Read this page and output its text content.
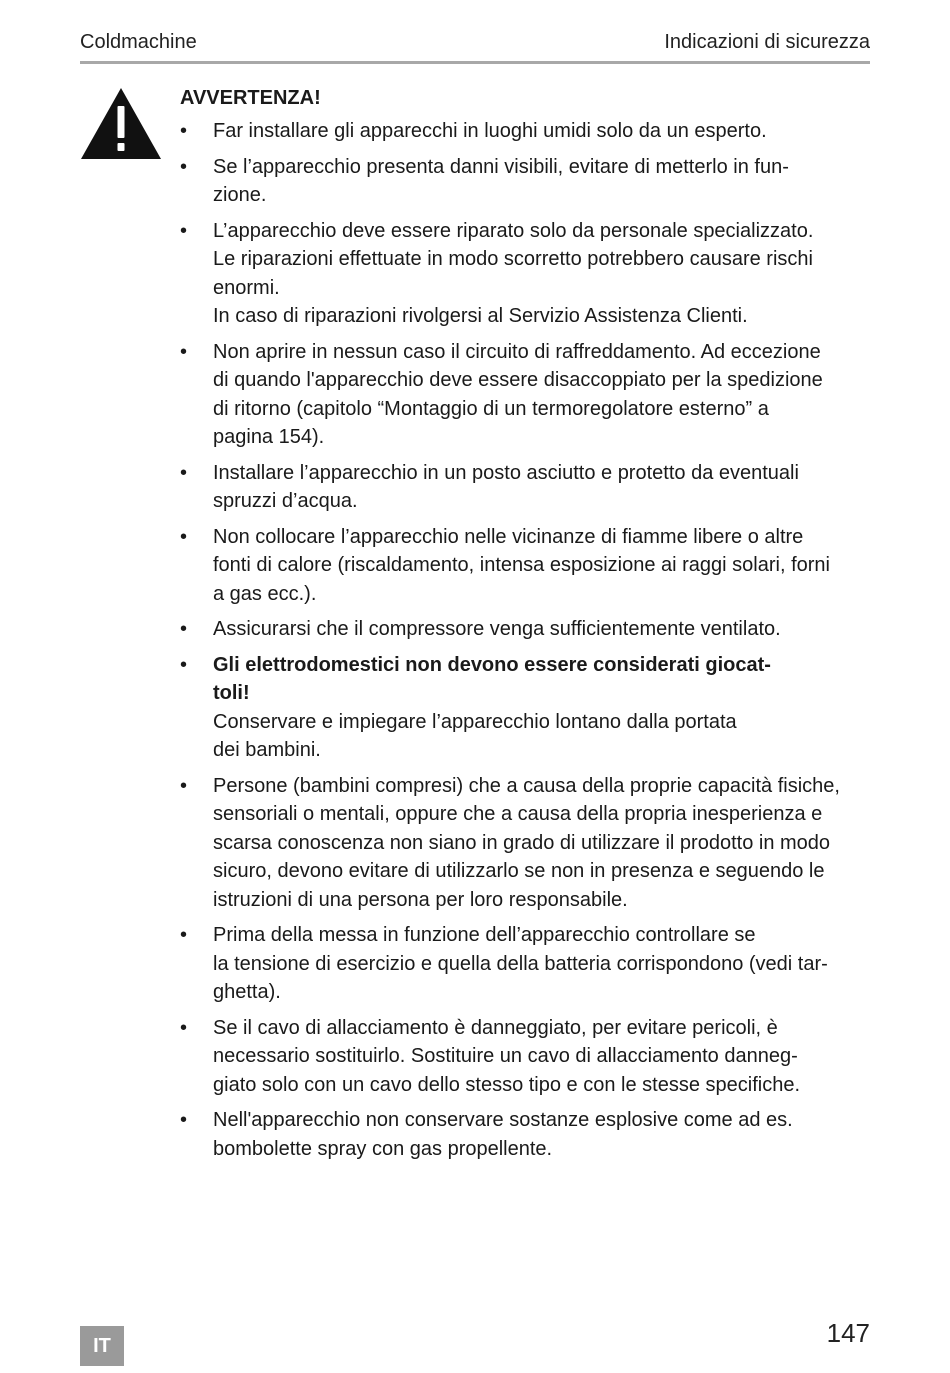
Coldmachine	Indicazioni di sicurezza
AVVERTENZA!
• Far installare gli apparecchi in luoghi umidi solo da un esperto.
• Se l’apparecchio presenta danni visibili, evitare di metterlo in fun-
zione.
• L’apparecchio deve essere riparato solo da personale specializzato.
Le riparazioni effettuate in modo scorretto potrebbero causare rischi
enormi.
In caso di riparazioni rivolgersi al Servizio Assistenza Clienti.
• Non aprire in nessun caso il circuito di raffreddamento. Ad eccezione
di quando l'apparecchio deve essere disaccoppiato per la spedizione
di ritorno (capitolo “Montaggio di un termoregolatore esterno” a
pagina 154).
• Installare l’apparecchio in un posto asciutto e protetto da eventuali
spruzzi d’acqua.
• Non collocare l’apparecchio nelle vicinanze di fiamme libere o altre
fonti di calore (riscaldamento, intensa esposizione ai raggi solari, forni
a gas ecc.).
• Assicurarsi che il compressore venga sufficientemente ventilato.
• Gli elettrodomestici non devono essere considerati giocat-
toli!
Conservare e impiegare l’apparecchio lontano dalla portata
dei bambini.
• Persone (bambini compresi) che a causa della proprie capacità fisiche,
sensoriali o mentali, oppure che a causa della propria inesperienza e
scarsa conoscenza non siano in grado di utilizzare il prodotto in modo
sicuro, devono evitare di utilizzarlo se non in presenza e seguendo le
istruzioni di una persona per loro responsabile.
• Prima della messa in funzione dell’apparecchio controllare se
la tensione di esercizio e quella della batteria corrispondono (vedi tar-
ghetta).
• Se il cavo di allacciamento è danneggiato, per evitare pericoli, è
necessario sostituirlo. Sostituire un cavo di allacciamento danneg-
giato solo con un cavo dello stesso tipo e con le stesse specifiche.
• Nell'apparecchio non conservare sostanze esplosive come ad es.
bombolette spray con gas propellente.
IT	147
